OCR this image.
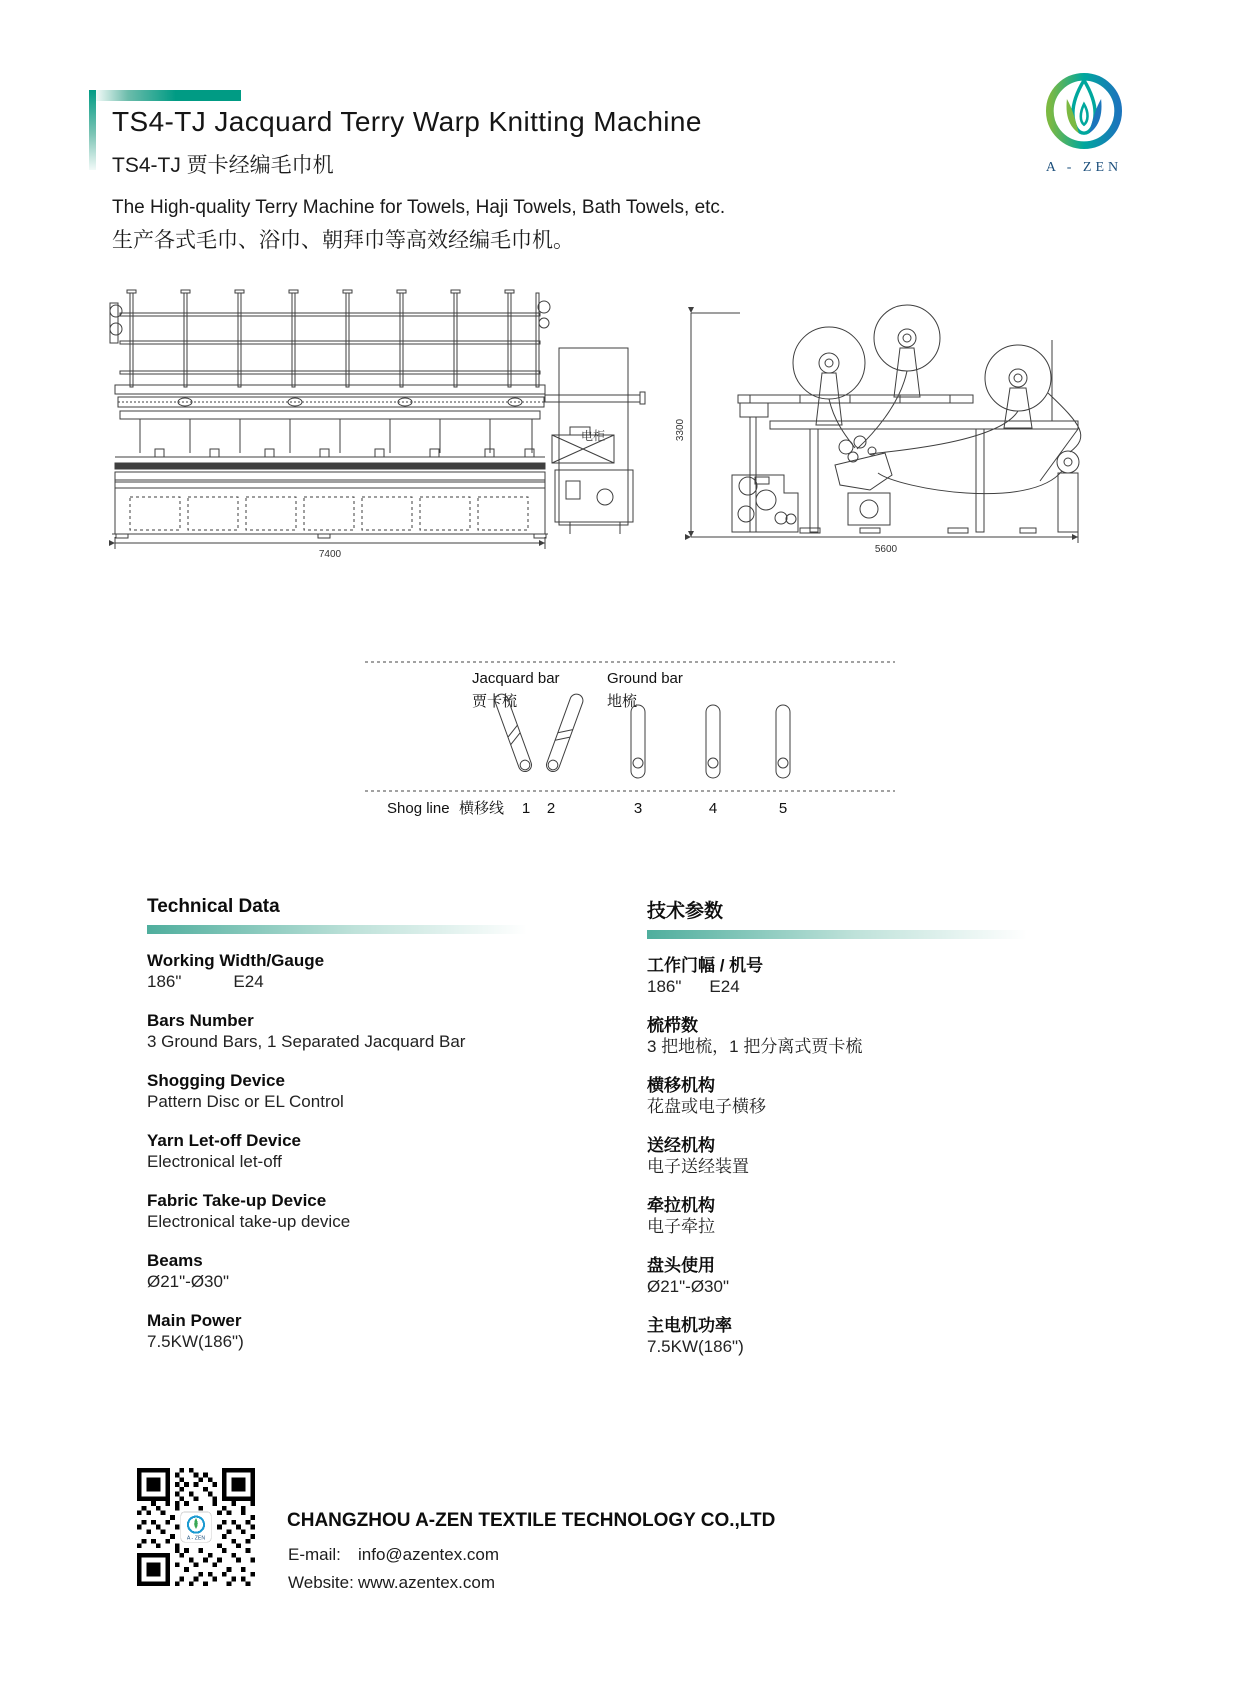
TS4-TJ Jacquard Terry Warp Knitting Machine
TS4-TJ 贾卡经编毛巾机
The High-quality Terry Machine for Towels, Haji Towels, Bath Towels, etc.
生产各式毛巾、浴巾、朝拜巾等高效经编毛巾机。
A - ZEN
电柜
7400
3300
5600
Jacquard bar
贾卡梳
Ground bar
地梳
Shog line 横移线 1 2	3	4	5
Technical Data
Working Width/Gauge
186"	E24
Bars Number
3 Ground Bars, 1 Separated Jacquard Bar
Shogging Device
Pattern Disc or EL Control
Yarn Let-off Device
Electronical let-off
Fabric Take-up Device
Electronical take-up device
Beams
Ø21"-Ø30"
Main Power
7.5KW(186")
技术参数
工作门幅 / 机号
186" E24
梳栉数
3 把地梳，1 把分离式贾卡梳
横移机构
花盘或电子横移
送经机构
电子送经装置
牵拉机构
电子牵拉
盘头使用
Ø21"-Ø30"
主电机功率
7.5KW(186")
A - ZEN
CHANGZHOU A-ZEN TEXTILE TECHNOLOGY CO.,LTD
E-mail: info@azentex.com
Website: www.azentex.com
